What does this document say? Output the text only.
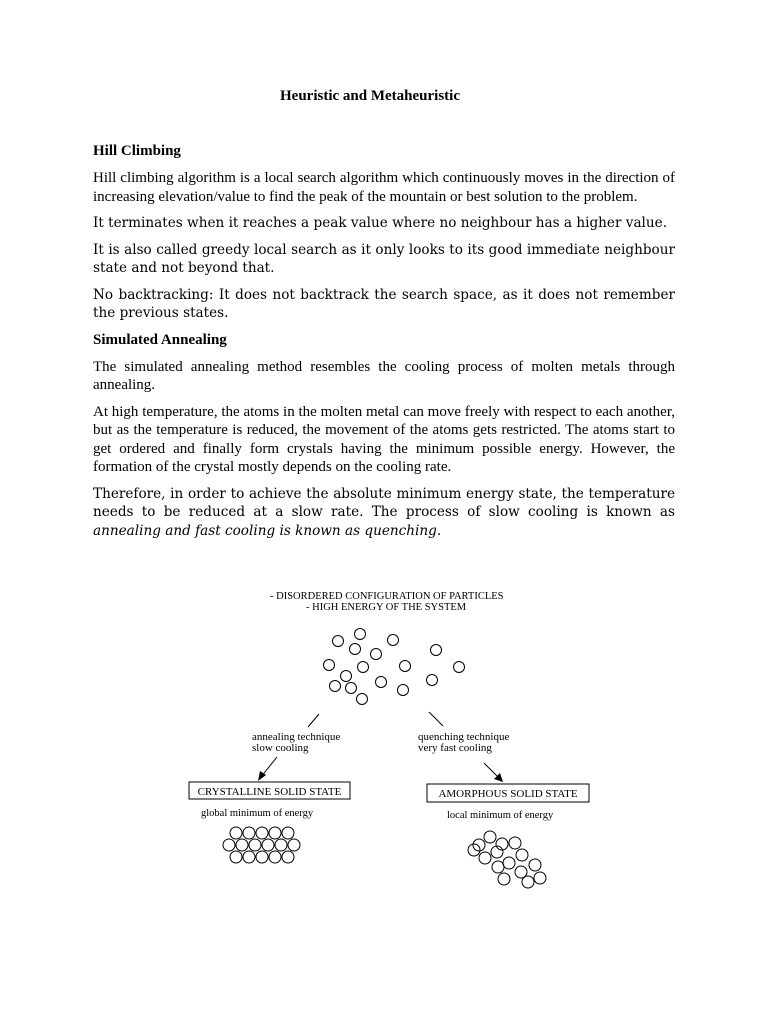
Heuristic and Metaheuristic

Hill Climbing

Hill climbing algorithm is a local search algorithm which continuously moves in the direction of increasing elevation/value to find the peak of the mountain or best solution to the problem.

It terminates when it reaches a peak value where no neighbour has a higher value.

It is also called greedy local search as it only looks to its good immediate neighbour state and not beyond that.

No backtracking: It does not backtrack the search space, as it does not remember the previous states.

Simulated Annealing

The simulated annealing method resembles the cooling process of molten metals through annealing.

At high temperature, the atoms in the molten metal can move freely with respect to each another, but as the temperature is reduced, the movement of the atoms gets restricted. The atoms start to get ordered and finally form crystals having the minimum possible energy. However, the formation of the crystal mostly depends on the cooling rate.

Therefore, in order to achieve the absolute minimum energy state, the temperature needs to be reduced at a slow rate. The process of slow cooling is known as annealing and fast cooling is known as quenching.

- DISORDERED CONFIGURATION OF PARTICLES
- HIGH ENERGY OF THE SYSTEM
annealing technique
slow cooling
quenching technique
very fast cooling
CRYSTALLINE SOLID STATE	AMORPHOUS SOLID STATE
global minimum of energy	local minimum of energy
